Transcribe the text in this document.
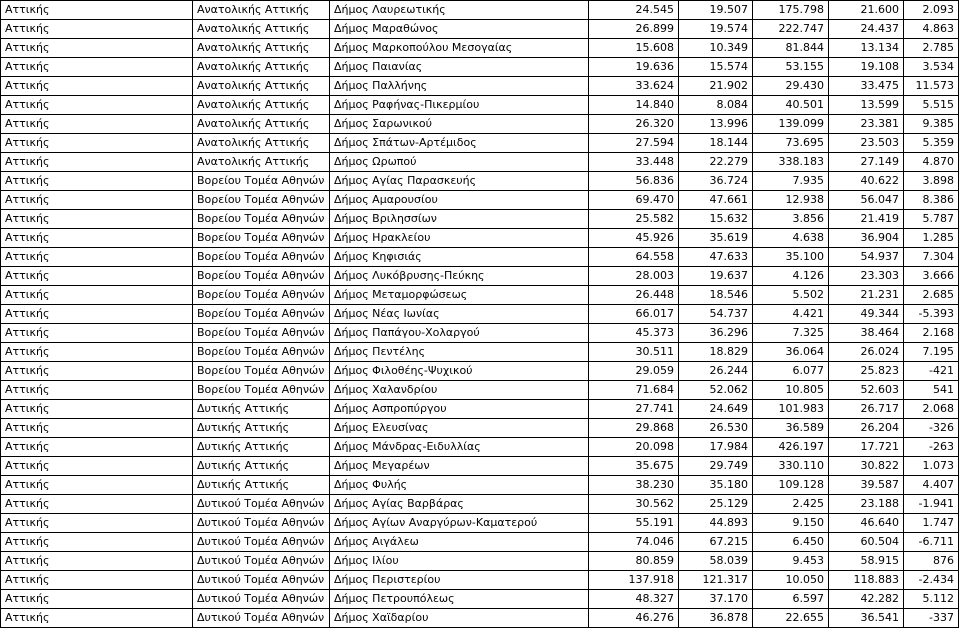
Αττικής	Ανατολικής Αττικής	Δήμος Λαυρεωτικής	24.545	19.507	175.798	21.600	2.093
Αττικής	Ανατολικής Αττικής	Δήμος Μαραθώνος	26.899	19.574	222.747	24.437	4.863
Αττικής	Ανατολικής Αττικής	Δήμος Μαρκοπούλου Μεσογαίας	15.608	10.349	81.844	13.134	2.785
Αττικής	Ανατολικής Αττικής	Δήμος Παιανίας	19.636	15.574	53.155	19.108	3.534
Αττικής	Ανατολικής Αττικής	Δήμος Παλλήνης	33.624	21.902	29.430	33.475	11.573
Αττικής	Ανατολικής Αττικής	Δήμος Ραφήνας-Πικερμίου	14.840	8.084	40.501	13.599	5.515
Αττικής	Ανατολικής Αττικής	Δήμος Σαρωνικού	26.320	13.996	139.099	23.381	9.385
Αττικής	Ανατολικής Αττικής	Δήμος Σπάτων-Αρτέμιδος	27.594	18.144	73.695	23.503	5.359
Αττικής	Ανατολικής Αττικής	Δήμος Ωρωπού	33.448	22.279	338.183	27.149	4.870
Αττικής	Βορείου Τομέα Αθηνών	Δήμος Αγίας Παρασκευής	56.836	36.724	7.935	40.622	3.898
Αττικής	Βορείου Τομέα Αθηνών	Δήμος Αμαρουσίου	69.470	47.661	12.938	56.047	8.386
Αττικής	Βορείου Τομέα Αθηνών	Δήμος Βριλησσίων	25.582	15.632	3.856	21.419	5.787
Αττικής	Βορείου Τομέα Αθηνών	Δήμος Ηρακλείου	45.926	35.619	4.638	36.904	1.285
Αττικής	Βορείου Τομέα Αθηνών	Δήμος Κηφισιάς	64.558	47.633	35.100	54.937	7.304
Αττικής	Βορείου Τομέα Αθηνών	Δήμος Λυκόβρυσης-Πεύκης	28.003	19.637	4.126	23.303	3.666
Αττικής	Βορείου Τομέα Αθηνών	Δήμος Μεταμορφώσεως	26.448	18.546	5.502	21.231	2.685
Αττικής	Βορείου Τομέα Αθηνών	Δήμος Νέας Ιωνίας	66.017	54.737	4.421	49.344	-5.393
Αττικής	Βορείου Τομέα Αθηνών	Δήμος Παπάγου-Χολαργού	45.373	36.296	7.325	38.464	2.168
Αττικής	Βορείου Τομέα Αθηνών	Δήμος Πεντέλης	30.511	18.829	36.064	26.024	7.195
Αττικής	Βορείου Τομέα Αθηνών	Δήμος Φιλοθέης-Ψυχικού	29.059	26.244	6.077	25.823	-421
Αττικής	Βορείου Τομέα Αθηνών	Δήμος Χαλανδρίου	71.684	52.062	10.805	52.603	541
Αττικής	Δυτικής Αττικής	Δήμος Ασπροπύργου	27.741	24.649	101.983	26.717	2.068
Αττικής	Δυτικής Αττικής	Δήμος Ελευσίνας	29.868	26.530	36.589	26.204	-326
Αττικής	Δυτικής Αττικής	Δήμος Μάνδρας-Ειδυλλίας	20.098	17.984	426.197	17.721	-263
Αττικής	Δυτικής Αττικής	Δήμος Μεγαρέων	35.675	29.749	330.110	30.822	1.073
Αττικής	Δυτικής Αττικής	Δήμος Φυλής	38.230	35.180	109.128	39.587	4.407
Αττικής	Δυτικού Τομέα Αθηνών	Δήμος Αγίας Βαρβάρας	30.562	25.129	2.425	23.188	-1.941
Αττικής	Δυτικού Τομέα Αθηνών	Δήμος Αγίων Αναργύρων-Καματερού	55.191	44.893	9.150	46.640	1.747
Αττικής	Δυτικού Τομέα Αθηνών	Δήμος Αιγάλεω	74.046	67.215	6.450	60.504	-6.711
Αττικής	Δυτικού Τομέα Αθηνών	Δήμος Ιλίου	80.859	58.039	9.453	58.915	876
Αττικής	Δυτικού Τομέα Αθηνών	Δήμος Περιστερίου	137.918	121.317	10.050	118.883	-2.434
Αττικής	Δυτικού Τομέα Αθηνών	Δήμος Πετρουπόλεως	48.327	37.170	6.597	42.282	5.112
Αττικής	Δυτικού Τομέα Αθηνών	Δήμος Χαϊδαρίου	46.276	36.878	22.655	36.541	-337
